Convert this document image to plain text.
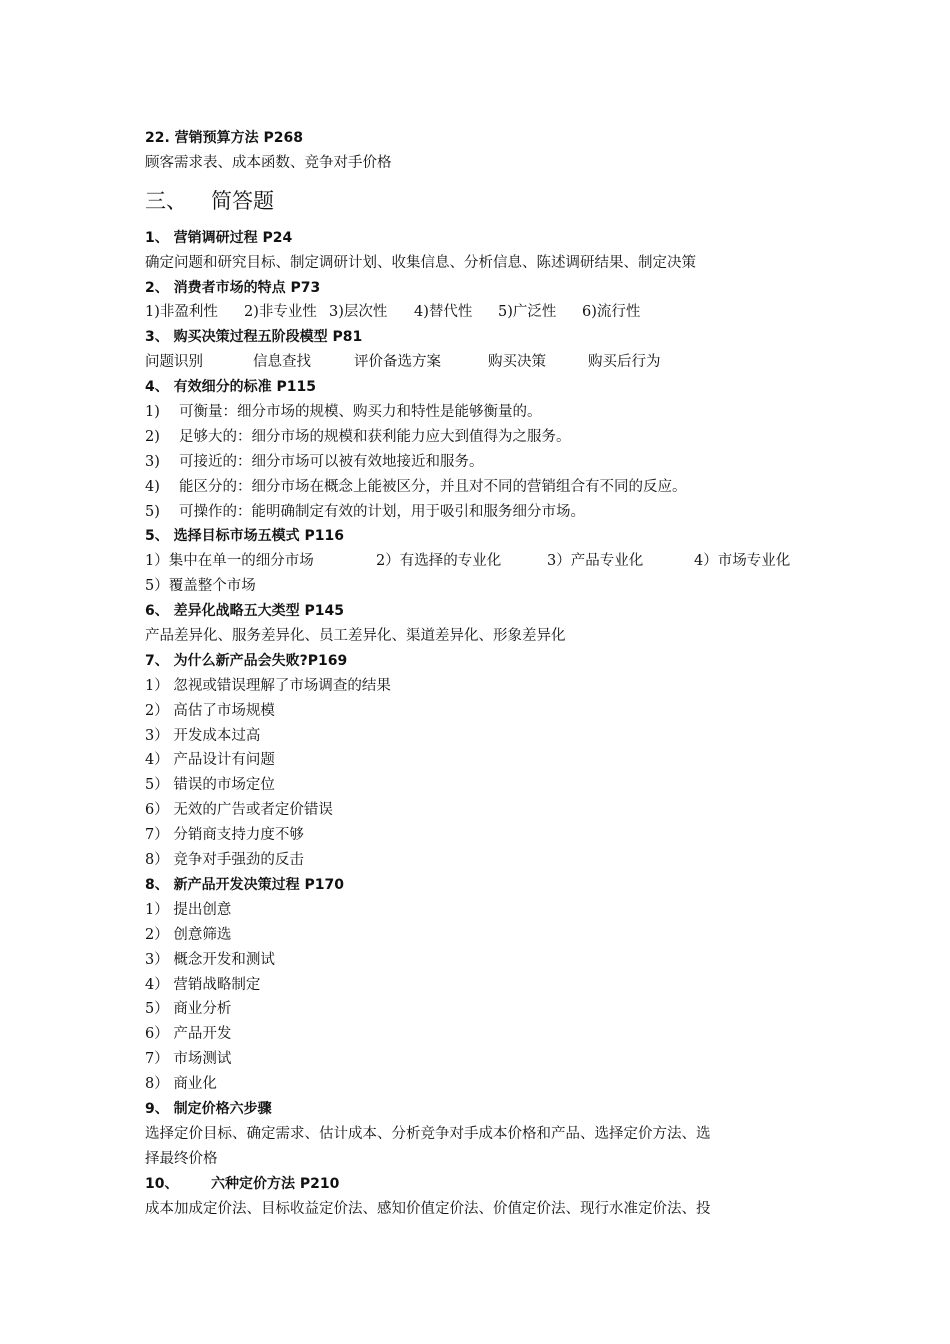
22. 营销预算方法 P268
顾客需求表、成本函数、竞争对手价格
三、 简答题
1、 营销调研过程 P24
确定问题和研究目标、制定调研计划、收集信息、分析信息、陈述调研结果、制定决策
2、 消费者市场的特点 P73
1)非盈利性 2)非专业性 3)层次性 4)替代性 5)广泛性 6)流行性
3、 购买决策过程五阶段模型 P81
问题识别	信息查找	评价备选方案	购买决策	购买后行为
4、 有效细分的标准 P115
1)　 可衡量：细分市场的规模、购买力和特性是能够衡量的。
2)　 足够大的：细分市场的规模和获利能力应大到值得为之服务。
3)　 可接近的：细分市场可以被有效地接近和服务。
4)　 能区分的：细分市场在概念上能被区分，并且对不同的营销组合有不同的反应。
5)　 可操作的：能明确制定有效的计划，用于吸引和服务细分市场。
5、 选择目标市场五模式 P116
1）集中在单一的细分市场	2）有选择的专业化	3）产品专业化	4）市场专业化
5）覆盖整个市场
6、 差异化战略五大类型 P145
产品差异化、服务差异化、员工差异化、渠道差异化、形象差异化
7、 为什么新产品会失败?P169
1） 忽视或错误理解了市场调查的结果
2） 高估了市场规模
3） 开发成本过高
4） 产品设计有问题
5） 错误的市场定位
6） 无效的广告或者定价错误
7） 分销商支持力度不够
8） 竞争对手强劲的反击
8、 新产品开发决策过程 P170
1） 提出创意
2） 创意筛选
3） 概念开发和测试
4） 营销战略制定
5） 商业分析
6） 产品开发
7） 市场测试
8） 商业化
9、 制定价格六步骤
选择定价目标、确定需求、估计成本、分析竞争对手成本价格和产品、选择定价方法、选
择最终价格
10、 六种定价方法 P210
成本加成定价法、目标收益定价法、感知价值定价法、价值定价法、现行水准定价法、投
